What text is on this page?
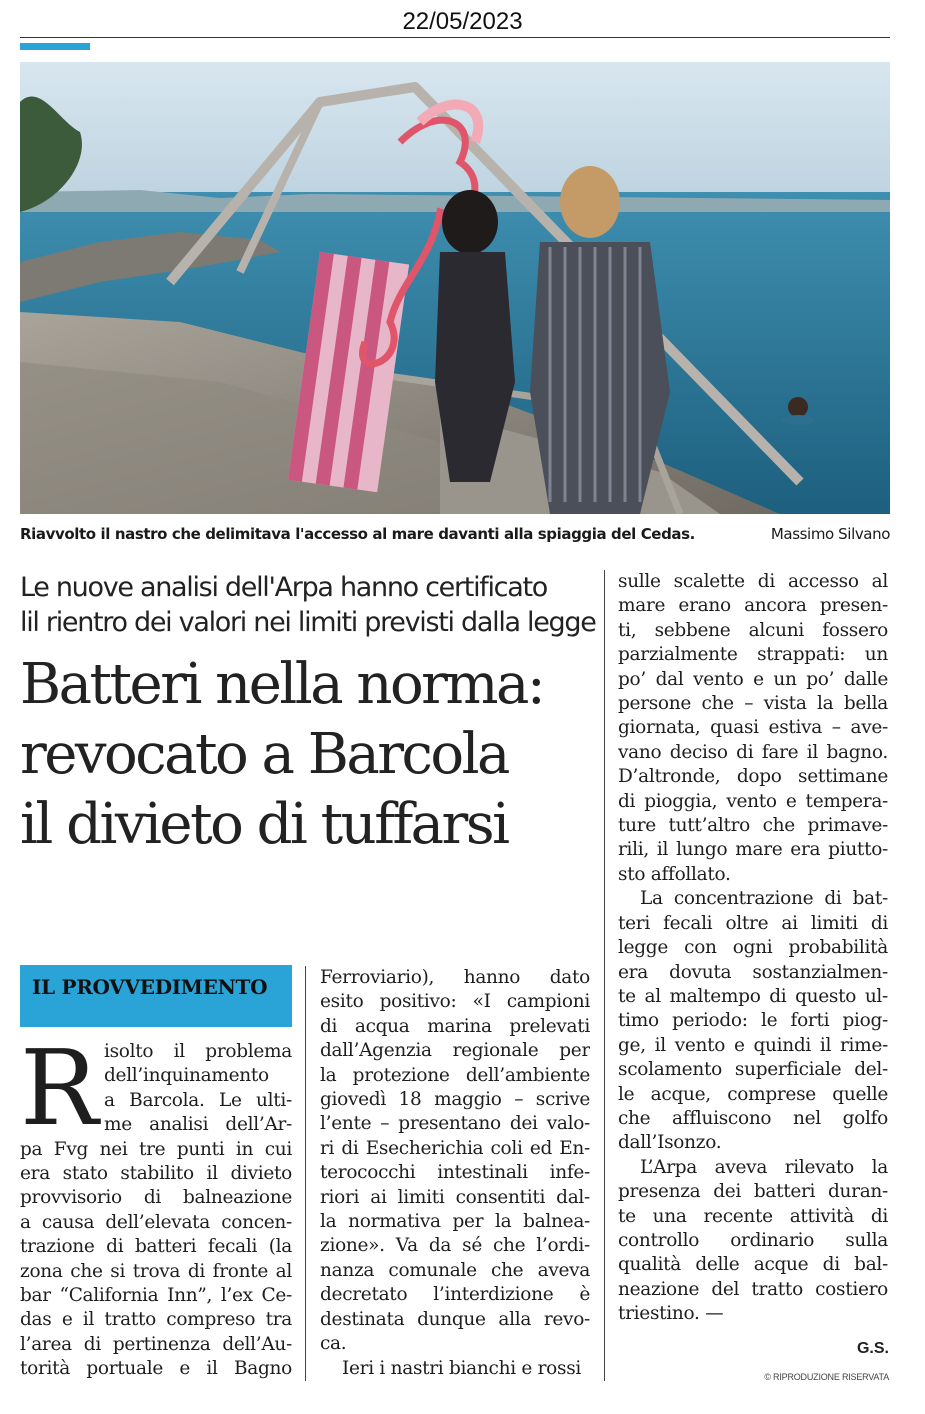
22/05/2023
Riavvolto il nastro che delimitava l'accesso al mare davanti alla spiaggia del Cedas.	Massimo Silvano
Le nuove analisi dell'Arpa hanno certificato
lil rientro dei valori nei limiti previsti dalla legge
Batteri nella norma:
revocato a Barcola
il divieto di tuffarsi
IL PROVVEDIMENTO
R isolto il problema
dell’inquinamento
a Barcola. Le ulti-
me analisi dell’Ar-
pa Fvg nei tre punti in cui
era stato stabilito il divieto
provvisorio di balneazione
a causa dell’elevata concen-
trazione di batteri fecali (la
zona che si trova di fronte al
bar “California Inn”, l’ex Ce-
das e il tratto compreso tra
l’area di pertinenza dell’Au-
torità portuale e il Bagno
Ferroviario), hanno dato
esito positivo: «I campioni
di acqua marina prelevati
dall’Agenzia regionale per
la protezione dell’ambiente
giovedì 18 maggio – scrive
l’ente – presentano dei valo-
ri di Esecherichia coli ed En-
terococchi intestinali infe-
riori ai limiti consentiti dal-
la normativa per la balnea-
zione». Va da sé che l’ordi-
nanza comunale che aveva
decretato l’interdizione è
destinata dunque alla revo-
ca.
Ieri i nastri bianchi e rossi
sulle scalette di accesso al
mare erano ancora presen-
ti, sebbene alcuni fossero
parzialmente strappati: un
po’ dal vento e un po’ dalle
persone che – vista la bella
giornata, quasi estiva – ave-
vano deciso di fare il bagno.
D’altronde, dopo settimane
di pioggia, vento e tempera-
ture tutt’altro che primave-
rili, il lungo mare era piutto-
sto affollato.
La concentrazione di bat-
teri fecali oltre ai limiti di
legge con ogni probabilità
era dovuta sostanzialmen-
te al maltempo di questo ul-
timo periodo: le forti piog-
ge, il vento e quindi il rime-
scolamento superficiale del-
le acque, comprese quelle
che affluiscono nel golfo
dall’Isonzo.
L’Arpa aveva rilevato la
presenza dei batteri duran-
te una recente attività di
controllo ordinario sulla
qualità delle acque di bal-
neazione del tratto costiero
triestino. —
G.S.
© RIPRODUZIONE RISERVATA
